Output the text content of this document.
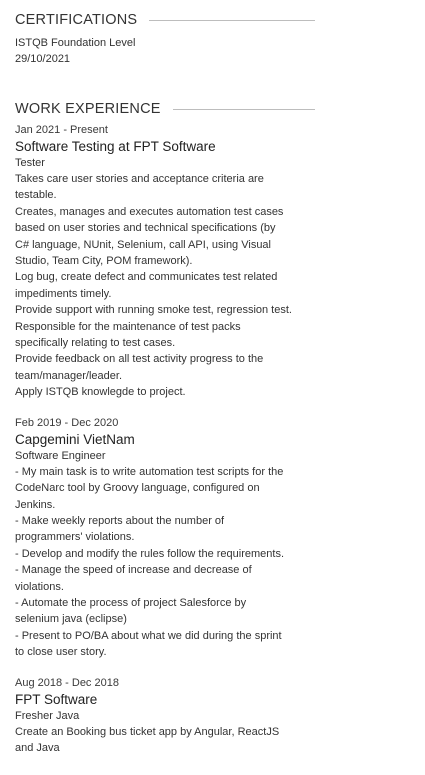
CERTIFICATIONS
ISTQB Foundation Level
29/10/2021
WORK EXPERIENCE
Jan 2021 - Present
Software Testing at FPT Software
Tester
Takes care user stories and acceptance criteria are
testable.
Creates, manages and executes automation test cases
based on user stories and technical specifications (by
C# language, NUnit, Selenium, call API, using Visual
Studio, Team City, POM framework).
Log bug, create defect and communicates test related
impediments timely.
Provide support with running smoke test, regression test.
Responsible for the maintenance of test packs
specifically relating to test cases.
Provide feedback on all test activity progress to the
team/manager/leader.
Apply ISTQB knowlegde to project.
Feb 2019 - Dec 2020
Capgemini VietNam
Software Engineer
- My main task is to write automation test scripts for the
CodeNarc tool by Groovy language, configured on
Jenkins.
- Make weekly reports about the number of
programmers' violations.
- Develop and modify the rules follow the requirements.
- Manage the speed of increase and decrease of
violations.
- Automate the process of project Salesforce by
selenium java (eclipse)
- Present to PO/BA about what we did during the sprint
to close user story.
Aug 2018 - Dec 2018
FPT Software
Fresher Java
Create an Booking bus ticket app by Angular, ReactJS
and Java
